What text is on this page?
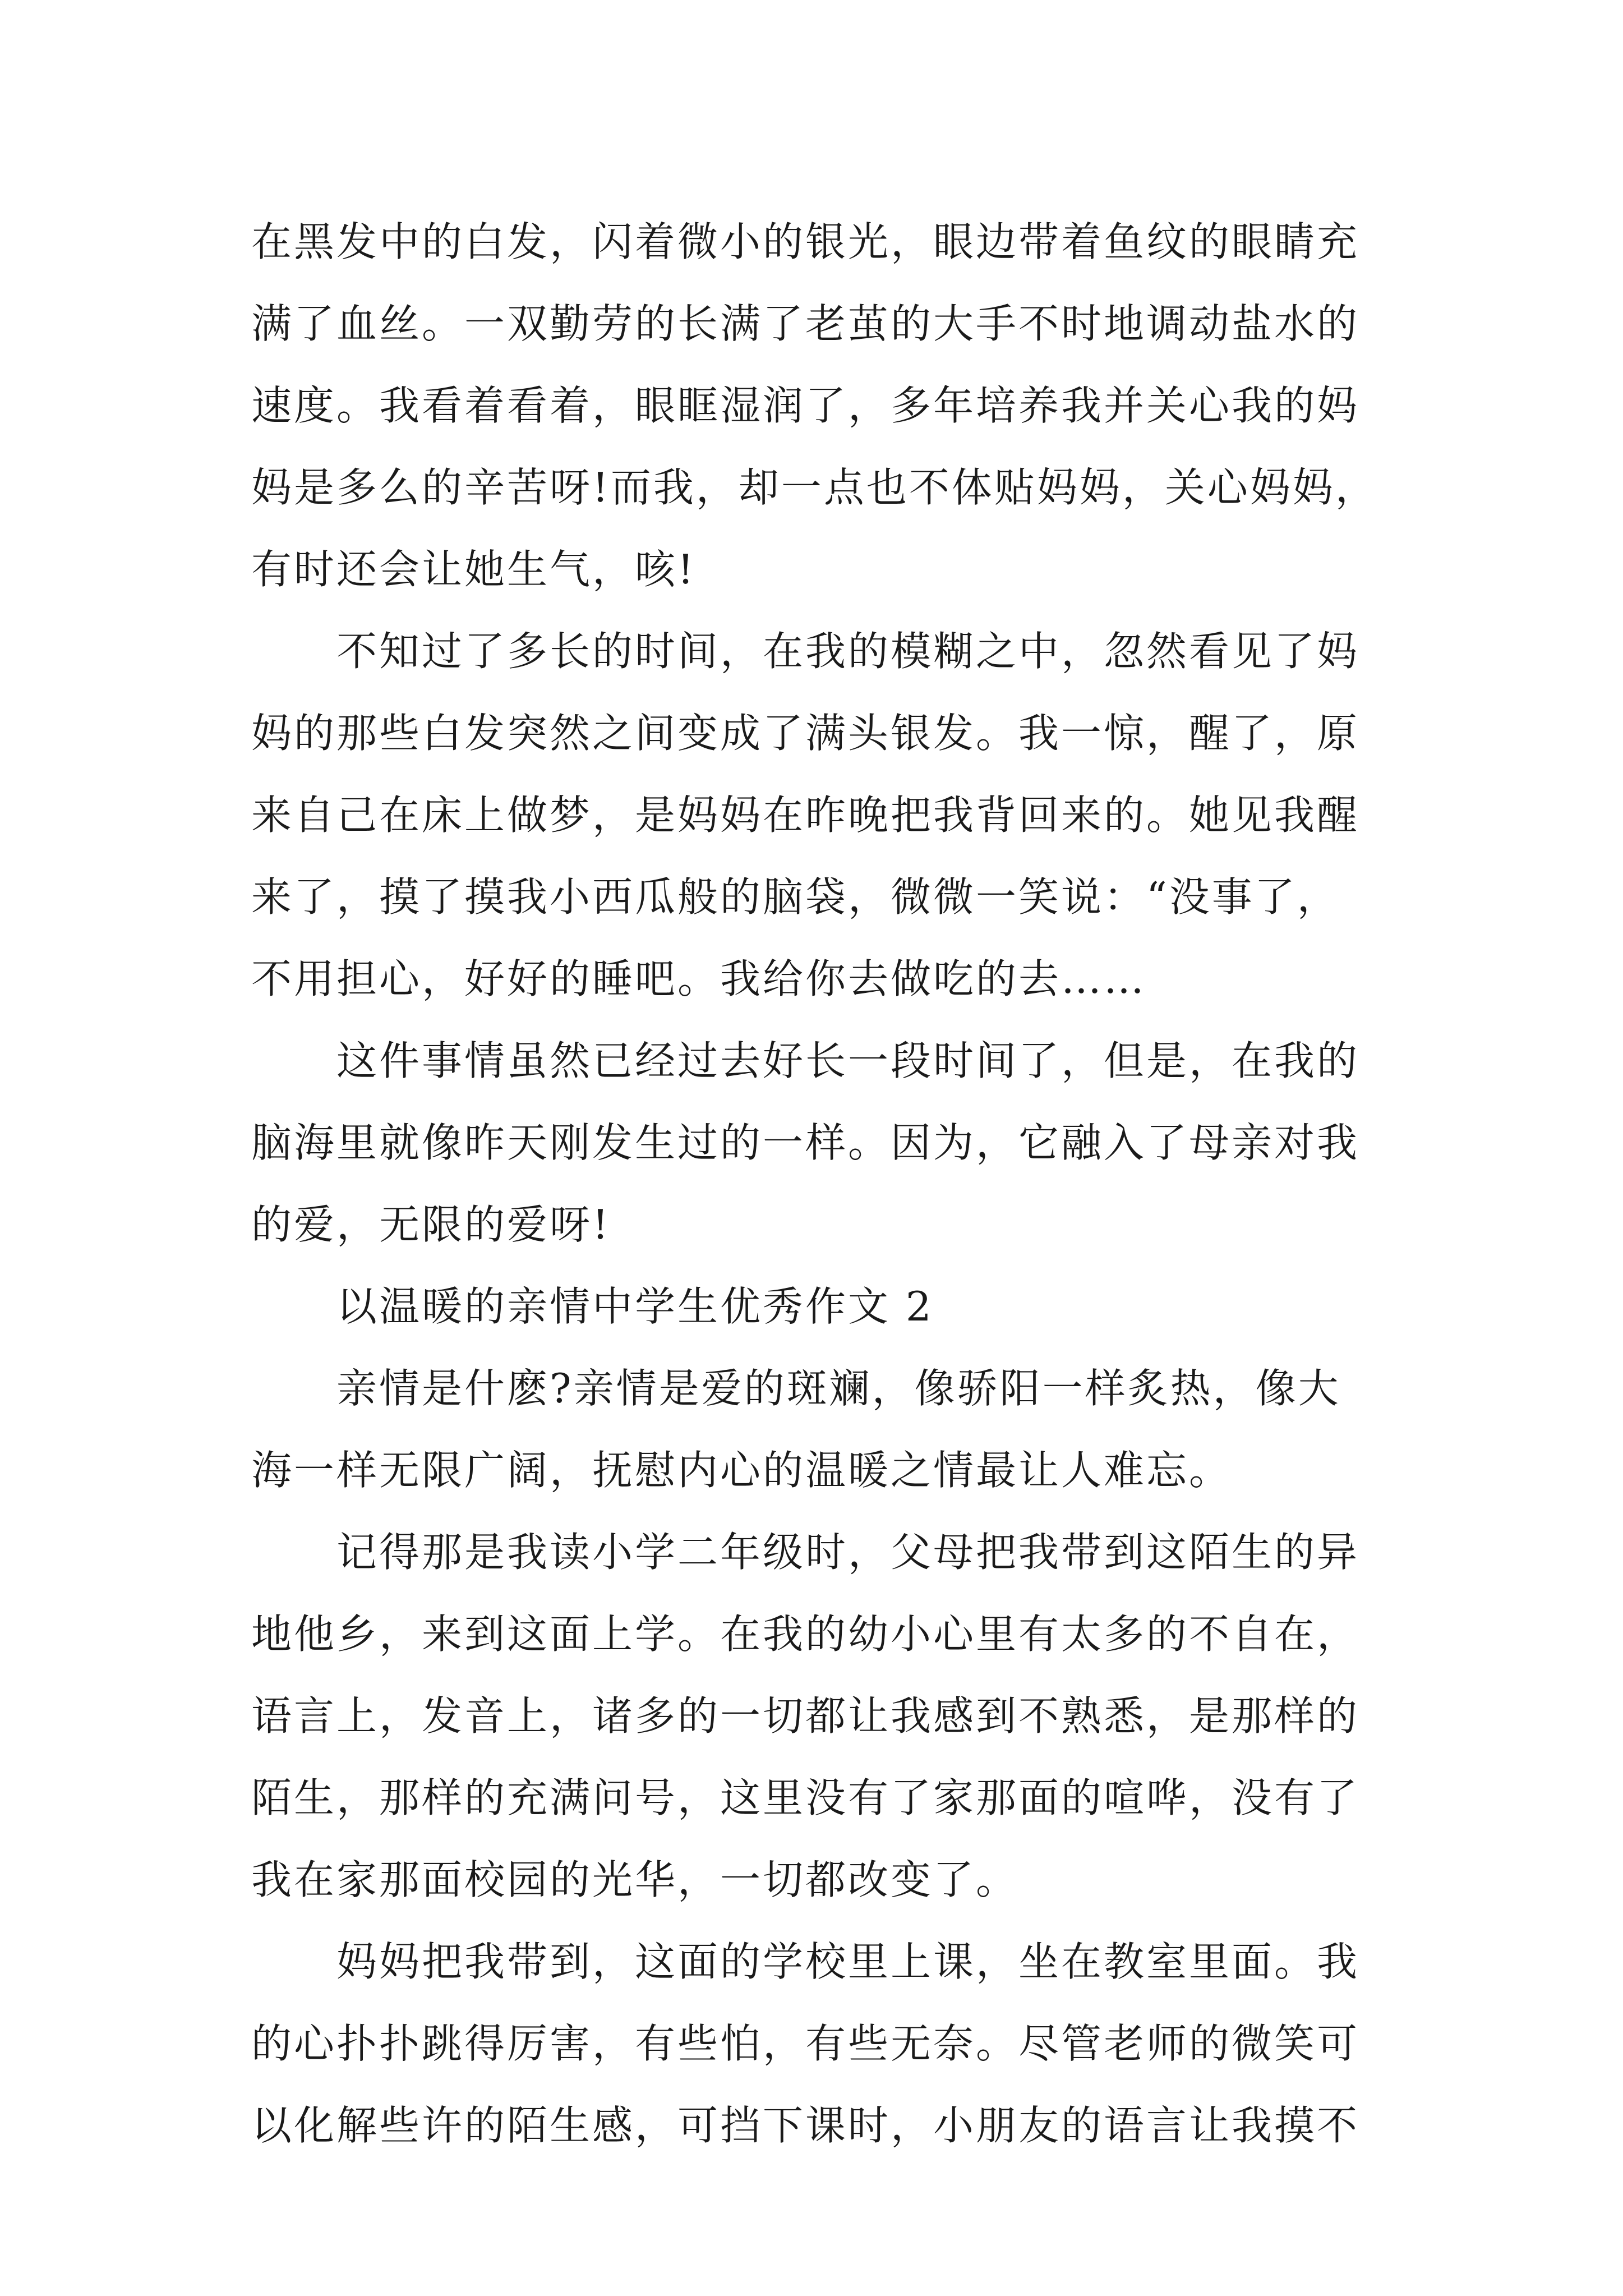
在黑发中的白发，闪着微小的银光，眼边带着鱼纹的眼睛充
满了血丝。一双勤劳的长满了老茧的大手不时地调动盐水的
速度。我看着看着，眼眶湿润了，多年培养我并关心我的妈
妈是多么的辛苦呀!而我，却一点也不体贴妈妈，关心妈妈，
有时还会让她生气，咳!
不知过了多长的时间，在我的模糊之中，忽然看见了妈
妈的那些白发突然之间变成了满头银发。我一惊，醒了，原
来自己在床上做梦，是妈妈在昨晚把我背回来的。她见我醒
来了，摸了摸我小西瓜般的脑袋，微微一笑说：“没事了，
不用担心，好好的睡吧。我给你去做吃的去……
这件事情虽然已经过去好长一段时间了，但是，在我的
脑海里就像昨天刚发生过的一样。因为，它融入了母亲对我
的爱，无限的爱呀!
以温暖的亲情中学生优秀作文 2
亲情是什麽?亲情是爱的斑斓，像骄阳一样炙热，像大
海一样无限广阔，抚慰内心的温暖之情最让人难忘。
记得那是我读小学二年级时，父母把我带到这陌生的异
地他乡，来到这面上学。在我的幼小心里有太多的不自在，
语言上，发音上，诸多的一切都让我感到不熟悉，是那样的
陌生，那样的充满问号，这里没有了家那面的喧哗，没有了
我在家那面校园的光华，一切都改变了。
妈妈把我带到，这面的学校里上课，坐在教室里面。我
的心扑扑跳得厉害，有些怕，有些无奈。尽管老师的微笑可
以化解些许的陌生感，可挡下课时，小朋友的语言让我摸不
